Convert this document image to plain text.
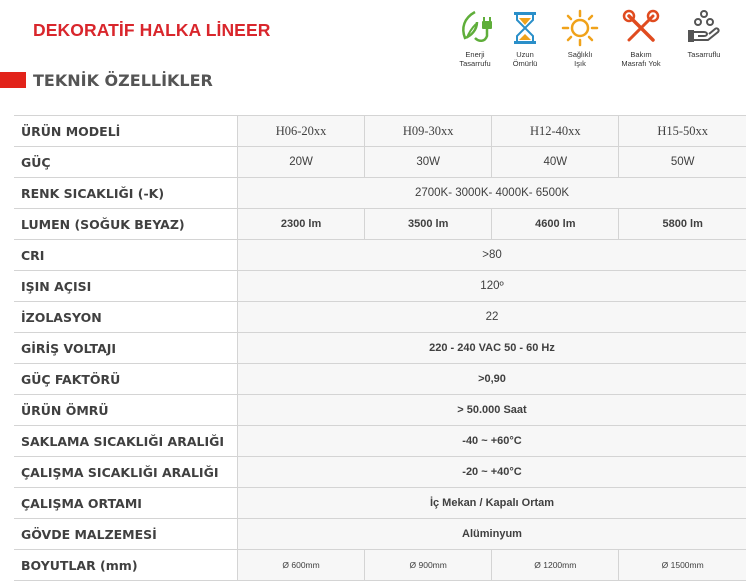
DEKORATİF HALKA LİNEER
TEKNİK ÖZELLİKLER
Enerji
Tasarrufu
Uzun
Ömürlü
Sağlıklı
Işık
Bakım
Masrafı Yok
Tasarruflu
ÜRÜN MODELİ	H06-20xx	H09-30xx	H12-40xx	H15-50xx
GÜÇ	20W	30W	40W	50W
RENK SICAKLIĞI (-K)	2700K- 3000K- 4000K- 6500K			
LUMEN (SOĞUK BEYAZ)	2300 lm	3500 lm	4600 lm	5800 lm
CRI	>80			
IŞIN AÇISI	120º			
İZOLASYON	22			
GİRİŞ VOLTAJI	220 - 240 VAC 50 - 60 Hz			
GÜÇ FAKTÖRÜ	>0,90			
ÜRÜN ÖMRÜ	> 50.000 Saat			
SAKLAMA SICAKLIĞI ARALIĞI	-40 ~ +60°C			
ÇALIŞMA SICAKLIĞI ARALIĞI	-20 ~ +40°C			
ÇALIŞMA ORTAMI	İç Mekan / Kapalı Ortam			
GÖVDE MALZEMESİ	Alüminyum			
BOYUTLAR (mm)	Ø 600mm	Ø 900mm	Ø 1200mm	Ø 1500mm
